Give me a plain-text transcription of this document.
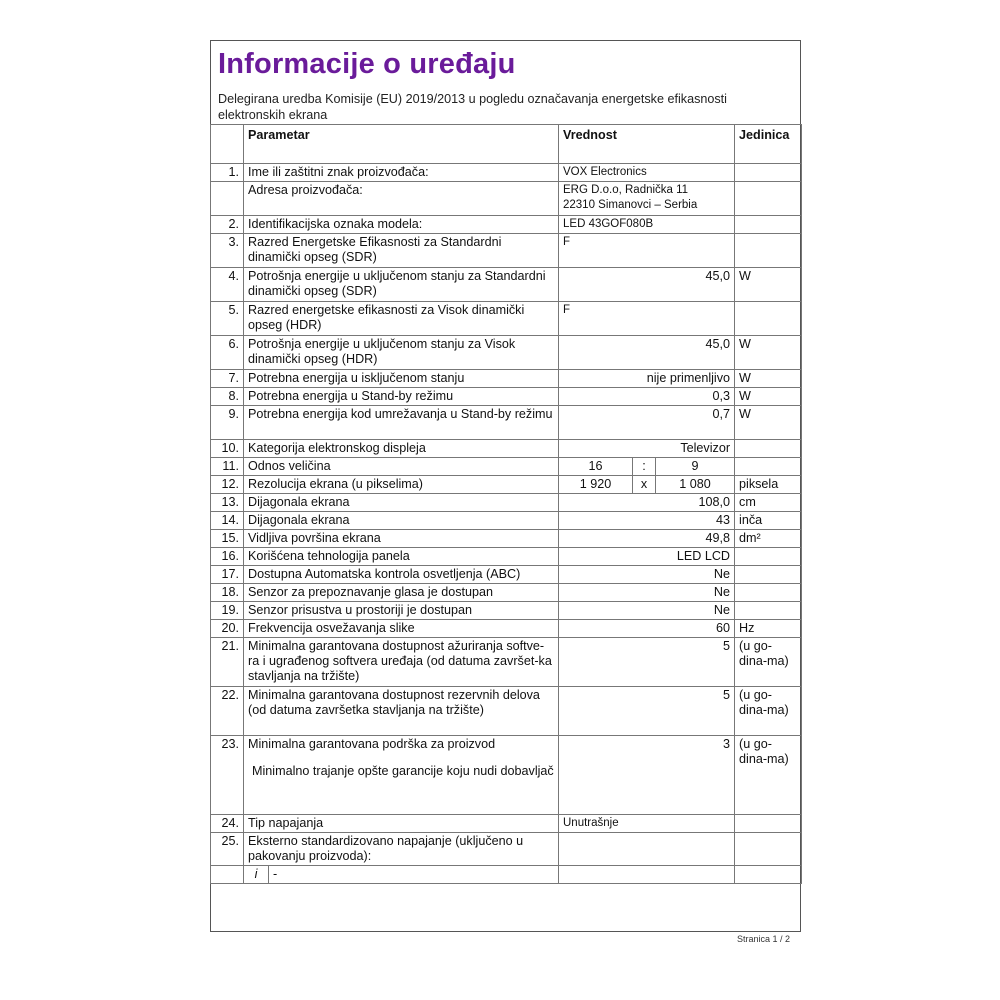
Informacije o uređaju
Delegirana uredba Komisije (EU) 2019/2013 u pogledu označavanja energetske efikasnosti elektronskih ekrana
	Parametar		Vrednost			Jedinica
1.	Ime ili zaštitni znak proizvođača:		VOX Electronics			
	Adresa proizvođača:		ERG D.o.o, Radnička 11
22310 Simanovci – Serbia			
2.	Identifikacijska oznaka modela:		LED 43GOF080B			
3.	Razred Energetske Efikasnosti za Standardni dinamički opseg (SDR)		F			
4.	Potrošnja energije u uključenom stanju za Standardni dinamički opseg (SDR)		45,0			W
5.	Razred energetske efikasnosti za Visok dinamički opseg (HDR)		F			
6.	Potrošnja energije u uključenom stanju za Visok dinamički opseg (HDR)		45,0			W
7.	Potrebna energija u isključenom stanju		nije primenljivo			W
8.	Potrebna energija u Stand-by režimu		0,3			W
9.	Potrebna energija kod umrežavanja u Stand-by režimu		0,7			W
10.	Kategorija elektronskog displeja		Televizor			
11.	Odnos veličina		16	:	9	
12.	Rezolucija ekrana (u pikselima)		1 920	x	1 080	piksela
13.	Dijagonala ekrana		108,0			cm
14.	Dijagonala ekrana		43			inča
15.	Vidljiva površina ekrana		49,8			dm²
16.	Korišćena tehnologija panela		LED LCD			
17.	Dostupna Automatska kontrola osvetljenja (ABC)		Ne			
18.	Senzor za prepoznavanje glasa je dostupan		Ne			
19.	Senzor prisustva u prostoriji je dostupan		Ne			
20.	Frekvencija osvežavanja slike		60			Hz
21.	Minimalna garantovana dostupnost ažuriranja softve-ra i ugrađenog softvera uređaja (od datuma završet-ka stavljanja na tržište)		5			(u go-dina-ma)
22.	Minimalna garantovana dostupnost rezervnih delova (od datuma završetka stavljanja na tržište)		5			(u go-dina-ma)
23.	Minimalna garantovana podrška za proizvod
Minimalno trajanje opšte garancije koju nudi dobavljač		3			(u go-dina-ma)
24.	Tip napajanja		Unutrašnje			
25.	Eksterno standardizovano napajanje (uključeno u pakovanju proizvoda):					
	i	-				
Stranica 1 / 2
